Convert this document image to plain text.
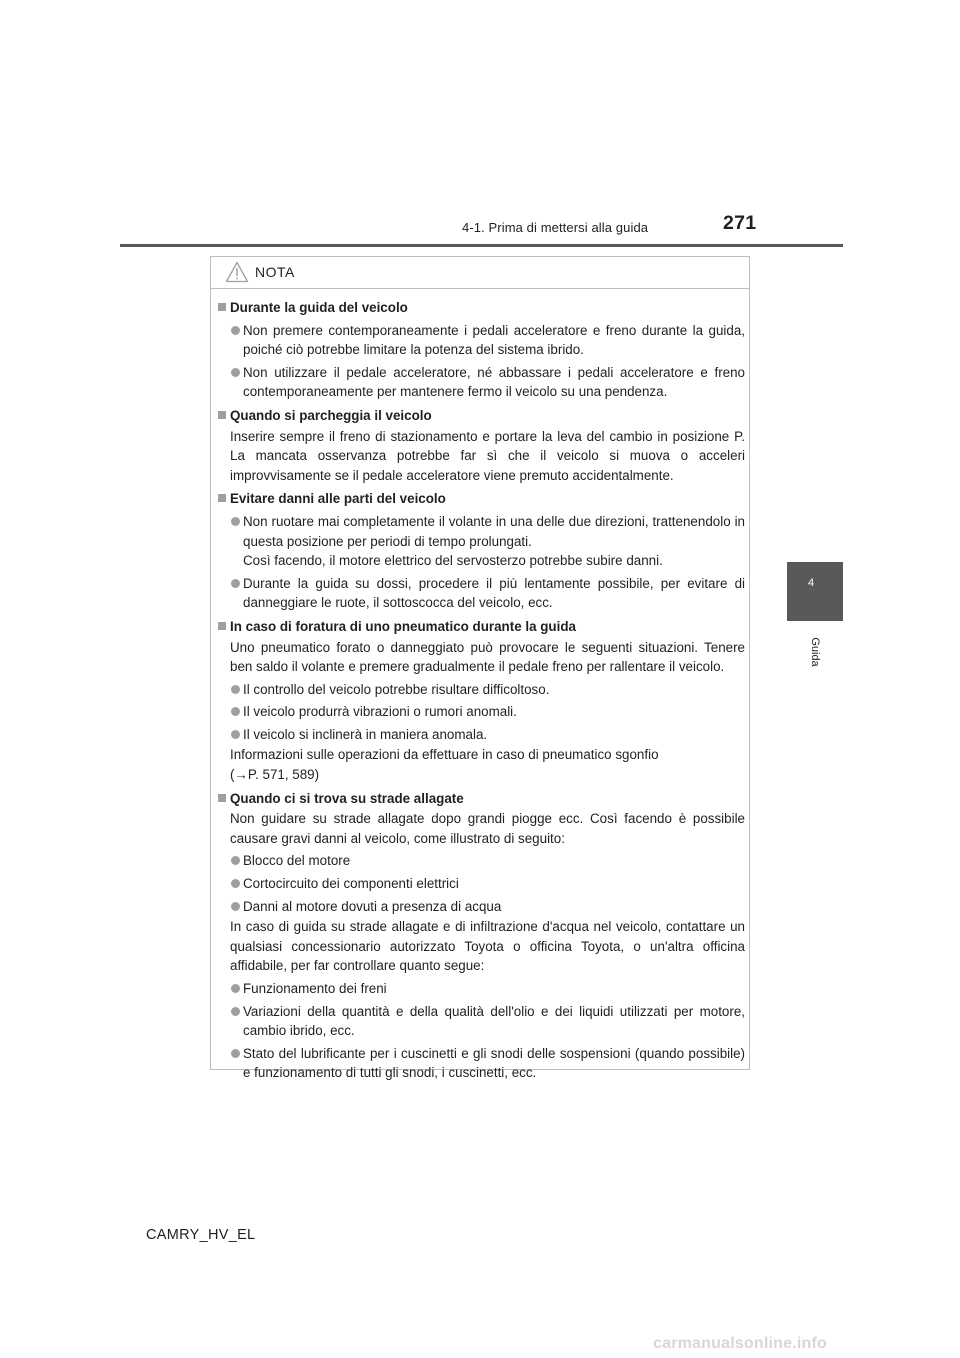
4-1. Prima di mettersi alla guida	271
4
Guida
NOTA
Durante la guida del veicolo
Non premere contemporaneamente i pedali acceleratore e freno durante la guida, poiché ciò potrebbe limitare la potenza del sistema ibrido.
Non utilizzare il pedale acceleratore, né abbassare i pedali acceleratore e freno contemporaneamente per mantenere fermo il veicolo su una pendenza.
Quando si parcheggia il veicolo
Inserire sempre il freno di stazionamento e portare la leva del cambio in posizione P. La mancata osservanza potrebbe far sì che il veicolo si muova o acceleri improvvisamente se il pedale acceleratore viene premuto accidentalmente.
Evitare danni alle parti del veicolo
Non ruotare mai completamente il volante in una delle due direzioni, trattenendolo in questa posizione per periodi di tempo prolungati.
Così facendo, il motore elettrico del servosterzo potrebbe subire danni.
Durante la guida su dossi, procedere il più lentamente possibile, per evitare di danneggiare le ruote, il sottoscocca del veicolo, ecc.
In caso di foratura di uno pneumatico durante la guida
Uno pneumatico forato o danneggiato può provocare le seguenti situazioni. Tenere ben saldo il volante e premere gradualmente il pedale freno per rallentare il veicolo.
Il controllo del veicolo potrebbe risultare difficoltoso.
Il veicolo produrrà vibrazioni o rumori anomali.
Il veicolo si inclinerà in maniera anomala.
Informazioni sulle operazioni da effettuare in caso di pneumatico sgonfio
(→P. 571, 589)
Quando ci si trova su strade allagate
Non guidare su strade allagate dopo grandi piogge ecc. Così facendo è possibile causare gravi danni al veicolo, come illustrato di seguito:
Blocco del motore
Cortocircuito dei componenti elettrici
Danni al motore dovuti a presenza di acqua
In caso di guida su strade allagate e di infiltrazione d'acqua nel veicolo, contattare un qualsiasi concessionario autorizzato Toyota o officina Toyota, o un'altra officina affidabile, per far controllare quanto segue:
Funzionamento dei freni
Variazioni della quantità e della qualità dell'olio e dei liquidi utilizzati per motore, cambio ibrido, ecc.
Stato del lubrificante per i cuscinetti e gli snodi delle sospensioni (quando possibile) e funzionamento di tutti gli snodi, i cuscinetti, ecc.
CAMRY_HV_EL
carmanualsonline.info
